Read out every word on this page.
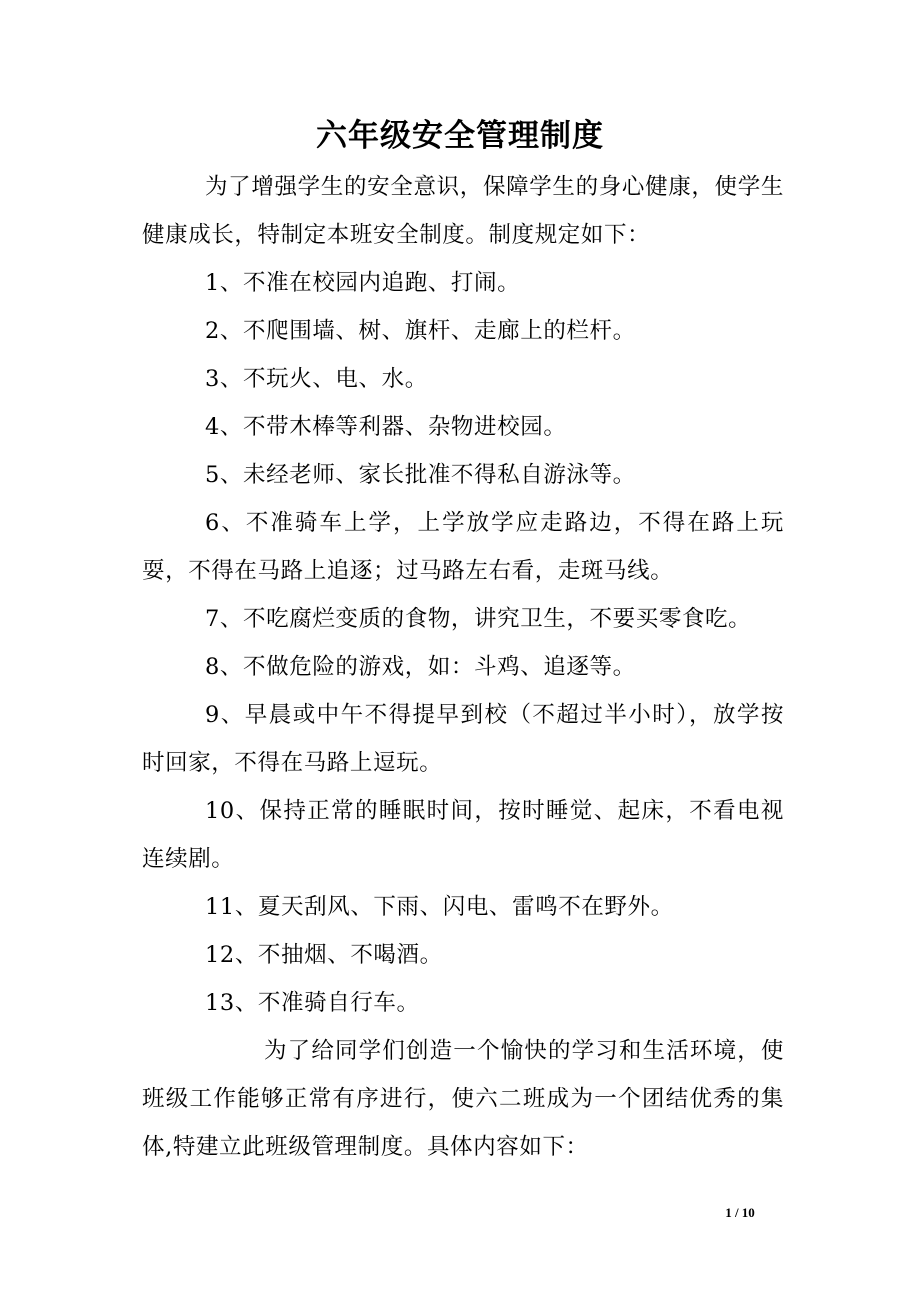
六年级安全管理制度

为了增强学生的安全意识，保障学生的身心健康，使学生健康成长，特制定本班安全制度。制度规定如下：

1、不准在校园内追跑、打闹。

2、不爬围墙、树、旗杆、走廊上的栏杆。

3、不玩火、电、水。

4、不带木棒等利器、杂物进校园。

5、未经老师、家长批准不得私自游泳等。

6、不准骑车上学，上学放学应走路边，不得在路上玩耍，不得在马路上追逐；过马路左右看，走斑马线。

7、不吃腐烂变质的食物，讲究卫生，不要买零食吃。

8、不做危险的游戏，如：斗鸡、追逐等。

9、早晨或中午不得提早到校（不超过半小时），放学按时回家，不得在马路上逗玩。

10、保持正常的睡眠时间，按时睡觉、起床，不看电视连续剧。

11、夏天刮风、下雨、闪电、雷鸣不在野外。

12、不抽烟、不喝酒。

13、不准骑自行车。

为了给同学们创造一个愉快的学习和生活环境，使班级工作能够正常有序进行，使六二班成为一个团结优秀的集体,特建立此班级管理制度。具体内容如下：

1 / 10
